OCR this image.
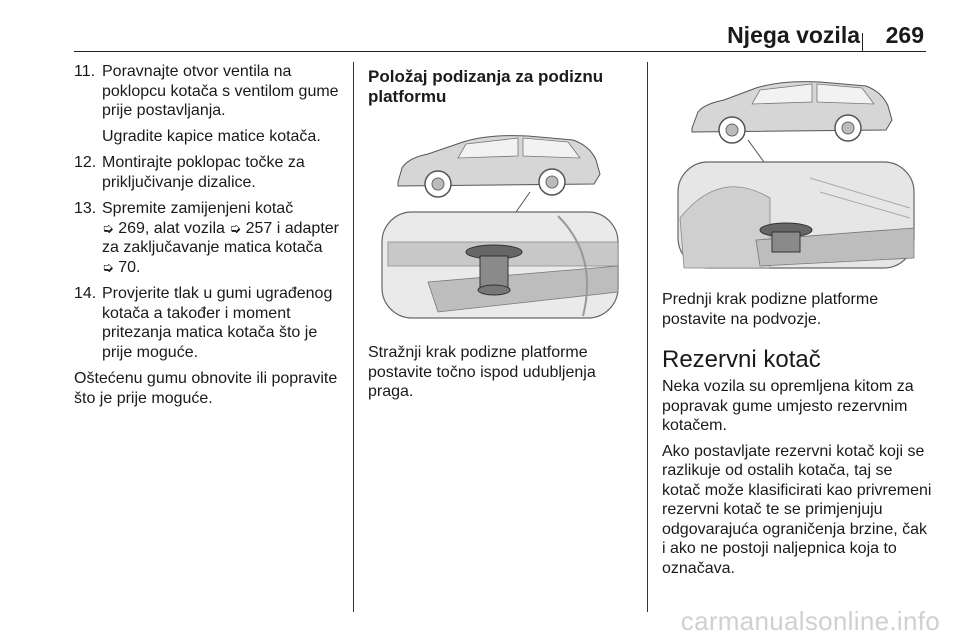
Njega vozila	269
11. Poravnajte otvor ventila na poklopcu kotača s ventilom gume prije postavljanja.
Ugradite kapice matice kotača.
12. Montirajte poklopac točke za priključivanje dizalice.
13. Spremite zamijenjeni kotač
➭ 269, alat vozila ➭ 257 i adapter za zaključavanje matica kotača
➭ 70.
14. Provjerite tlak u gumi ugrađenog kotača a također i moment pritezanja matica kotača što je prije moguće.
Oštećenu gumu obnovite ili popravite što je prije moguće.
Položaj podizanja za podiznu platformu
Stražnji krak podizne platforme postavite točno ispod udubljenja praga.
Prednji krak podizne platforme postavite na podvozje.
Rezervni kotač

Neka vozila su opremljena kitom za popravak gume umjesto rezervnim kotačem.

Ako postavljate rezervni kotač koji se razlikuje od ostalih kotača, taj se kotač može klasificirati kao privremeni rezervni kotač te se primjenjuju odgovarajuća ograničenja brzine, čak i ako ne postoji naljepnica koja to označava.

carmanualsonline.info
